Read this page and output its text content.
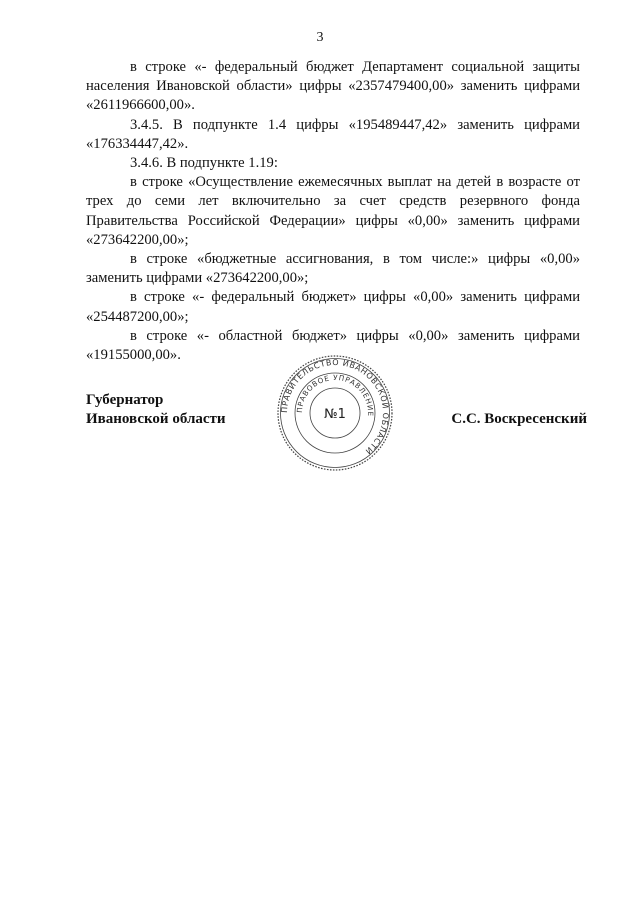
3

в строке «- федеральный бюджет Департамент социальной защиты населения Ивановской области» цифры «2357479400,00» заменить цифрами «2611966600,00».

3.4.5. В подпункте 1.4 цифры «195489447,42» заменить цифрами «176334447,42».

3.4.6. В подпункте 1.19:

в строке «Осуществление ежемесячных выплат на детей в возрасте от трех до семи лет включительно за счет средств резервного фонда Правительства Российской Федерации» цифры «0,00» заменить цифрами «273642200,00»;

в строке «бюджетные ассигнования, в том числе:» цифры «0,00» заменить цифрами «273642200,00»;

в строке «- федеральный бюджет» цифры «0,00» заменить цифрами «254487200,00»;

в строке «- областной бюджет» цифры «0,00» заменить цифрами «19155000,00».

Губернатор
Ивановской области
ПРАВИТЕЛЬСТВО ИВАНОВСКОЙ ОБЛАСТИ
ПРАВОВОЕ УПРАВЛЕНИЕ
№1	С.С. Воскресенский
